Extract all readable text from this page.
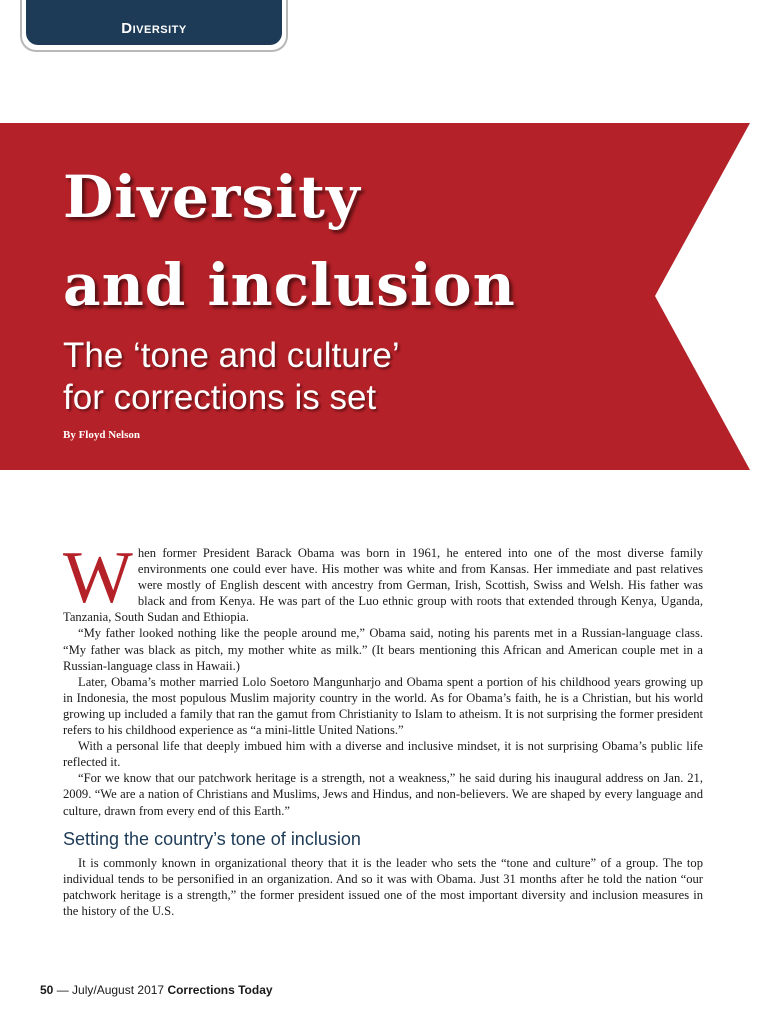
Diversity
Diversity
and inclusion
The ‘tone and culture’
for corrections is set
By Floyd Nelson

When former President Barack Obama was born in 1961, he entered into one of the most diverse family environments one could ever have. His mother was white and from Kansas. Her immediate and past relatives were mostly of English descent with ancestry from German, Irish, Scottish, Swiss and Welsh. His father was black and from Kenya. He was part of the Luo ethnic group with roots that extended through Kenya, Uganda, Tanzania, South Sudan and Ethiopia.

“My father looked nothing like the people around me,” Obama said, noting his parents met in a Russian-language class. “My father was black as pitch, my mother white as milk.” (It bears mentioning this African and American couple met in a Russian-language class in Hawaii.)

Later, Obama’s mother married Lolo Soetoro Mangunharjo and Obama spent a portion of his childhood years growing up in Indonesia, the most populous Muslim majority country in the world. As for Obama’s faith, he is a Christian, but his world growing up included a family that ran the gamut from Christianity to Islam to atheism. It is not surprising the former president refers to his childhood experience as “a mini-little United Nations.”

With a personal life that deeply imbued him with a diverse and inclusive mindset, it is not surprising Obama’s public life reflected it.

“For we know that our patchwork heritage is a strength, not a weakness,” he said during his inaugural address on Jan. 21, 2009. “We are a nation of Christians and Muslims, Jews and Hindus, and non-believers. We are shaped by every language and culture, drawn from every end of this Earth.”

Setting the country’s tone of inclusion

It is commonly known in organizational theory that it is the leader who sets the “tone and culture” of a group. The top individual tends to be personified in an organization. And so it was with Obama. Just 31 months after he told the nation “our patchwork heritage is a strength,” the former president issued one of the most important diversity and inclusion measures in the history of the U.S.

50 — July/August 2017 Corrections Today
